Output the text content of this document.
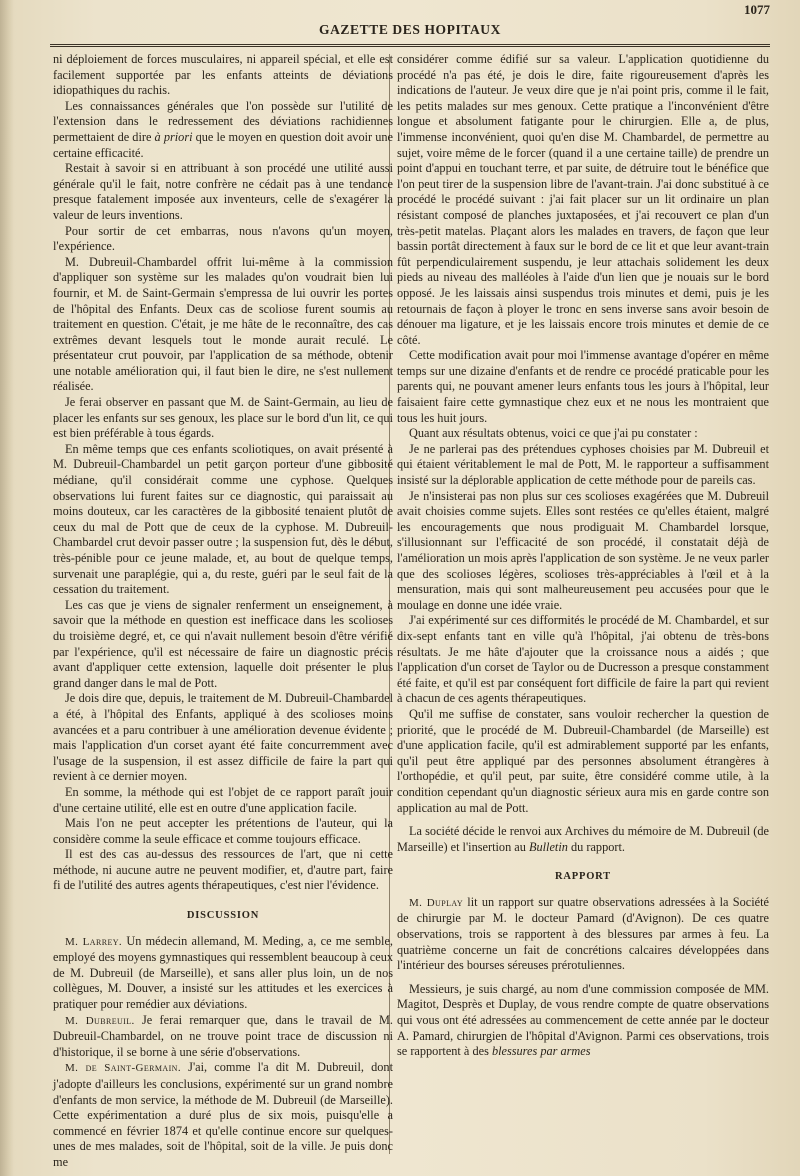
GAZETTE DES HOPITAUX
1077

ni déploiement de forces musculaires, ni appareil spécial, et elle est facilement supportée par les enfants atteints de déviations idiopathiques du rachis.

Les connaissances générales que l'on possède sur l'utilité de l'extension dans le redressement des déviations rachidiennes permettaient de dire à priori que le moyen en question doit avoir une certaine efficacité.

Restait à savoir si en attribuant à son procédé une utilité aussi générale qu'il le fait, notre confrère ne cédait pas à une tendance presque fatalement imposée aux inventeurs, celle de s'exagérer la valeur de leurs inventions.

Pour sortir de cet embarras, nous n'avons qu'un moyen, l'expérience.

M. Dubreuil-Chambardel offrit lui-même à la commission d'appliquer son système sur les malades qu'on voudrait bien lui fournir, et M. de Saint-Germain s'empressa de lui ouvrir les portes de l'hôpital des Enfants. Deux cas de scoliose furent soumis au traitement en question. C'était, je me hâte de le reconnaître, des cas extrêmes devant lesquels tout le monde aurait reculé. Le présentateur crut pouvoir, par l'application de sa méthode, obtenir une notable amélioration qui, il faut bien le dire, ne s'est nullement réalisée.

Je ferai observer en passant que M. de Saint-Germain, au lieu de placer les enfants sur ses genoux, les place sur le bord d'un lit, ce qui est bien préférable à tous égards.

En même temps que ces enfants scoliotiques, on avait présenté à M. Dubreuil-Chambardel un petit garçon porteur d'une gibbosité médiane, qu'il considérait comme une cyphose. Quelques observations lui furent faites sur ce diagnostic, qui paraissait au moins douteux, car les caractères de la gibbosité tenaient plutôt de ceux du mal de Pott que de ceux de la cyphose. M. Dubreuil-Chambardel crut devoir passer outre ; la suspension fut, dès le début, très-pénible pour ce jeune malade, et, au bout de quelque temps, survenait une paraplégie, qui a, du reste, guéri par le seul fait de la cessation du traitement.

Les cas que je viens de signaler renferment un enseignement, à savoir que la méthode en question est inefficace dans les scolioses du troisième degré, et, ce qui n'avait nullement besoin d'être vérifié par l'expérience, qu'il est nécessaire de faire un diagnostic précis avant d'appliquer cette extension, laquelle doit présenter le plus grand danger dans le mal de Pott.

Je dois dire que, depuis, le traitement de M. Dubreuil-Chambardel a été, à l'hôpital des Enfants, appliqué à des scolioses moins avancées et a paru contribuer à une amélioration devenue évidente ; mais l'application d'un corset ayant été faite concurremment avec l'usage de la suspension, il est assez difficile de faire la part qui revient à ce dernier moyen.

En somme, la méthode qui est l'objet de ce rapport paraît jouir d'une certaine utilité, elle est en outre d'une application facile.

Mais l'on ne peut accepter les prétentions de l'auteur, qui la considère comme la seule efficace et comme toujours efficace.

Il est des cas au-dessus des ressources de l'art, que ni cette méthode, ni aucune autre ne peuvent modifier, et, d'autre part, faire fi de l'utilité des autres agents thérapeutiques, c'est nier l'évidence.

DISCUSSION

M. Larrey. Un médecin allemand, M. Meding, a, ce me semble, employé des moyens gymnastiques qui ressemblent beaucoup à ceux de M. Dubreuil (de Marseille), et sans aller plus loin, un de nos collègues, M. Douver, a insisté sur les attitudes et les exercices à pratiquer pour remédier aux déviations.

M. Dubreuil. Je ferai remarquer que, dans le travail de M. Dubreuil-Chambardel, on ne trouve point trace de discussion ni d'historique, il se borne à une série d'observations.

M. de Saint-Germain. J'ai, comme l'a dit M. Dubreuil, dont j'adopte d'ailleurs les conclusions, expérimenté sur un grand nombre d'enfants de mon service, la méthode de M. Dubreuil (de Marseille). Cette expérimentation a duré plus de six mois, puisqu'elle a commencé en février 1874 et qu'elle continue encore sur quelques-unes de mes malades, soit de l'hôpital, soit de la ville. Je puis donc me

considérer comme édifié sur sa valeur. L'application quotidienne du procédé n'a pas été, je dois le dire, faite rigoureusement d'après les indications de l'auteur. Je veux dire que je n'ai point pris, comme il le fait, les petits malades sur mes genoux. Cette pratique a l'inconvénient d'être longue et absolument fatigante pour le chirurgien. Elle a, de plus, l'immense inconvénient, quoi qu'en dise M. Chambardel, de permettre au sujet, voire même de le forcer (quand il a une certaine taille) de prendre un point d'appui en touchant terre, et par suite, de détruire tout le bénéfice que l'on peut tirer de la suspension libre de l'avant-train. J'ai donc substitué à ce procédé le procédé suivant : j'ai fait placer sur un lit ordinaire un plan résistant composé de planches juxtaposées, et j'ai recouvert ce plan d'un très-petit matelas. Plaçant alors les malades en travers, de façon que leur bassin portât directement à faux sur le bord de ce lit et que leur avant-train fût perpendiculairement suspendu, je leur attachais solidement les deux pieds au niveau des malléoles à l'aide d'un lien que je nouais sur le bord opposé. Je les laissais ainsi suspendus trois minutes et demi, puis je les retournais de façon à ployer le tronc en sens inverse sans avoir besoin de dénouer ma ligature, et je les laissais encore trois minutes et demie de ce côté.

Cette modification avait pour moi l'immense avantage d'opérer en même temps sur une dizaine d'enfants et de rendre ce procédé praticable pour les parents qui, ne pouvant amener leurs enfants tous les jours à l'hôpital, leur faisaient faire cette gymnastique chez eux et ne nous les montraient que tous les huit jours.

Quant aux résultats obtenus, voici ce que j'ai pu constater :

Je ne parlerai pas des prétendues cyphoses choisies par M. Dubreuil et qui étaient véritablement le mal de Pott, M. le rapporteur a suffisamment insisté sur la déplorable application de cette méthode pour de pareils cas.

Je n'insisterai pas non plus sur ces scolioses exagérées que M. Dubreuil avait choisies comme sujets. Elles sont restées ce qu'elles étaient, malgré les encouragements que nous prodiguait M. Chambardel lorsque, s'illusionnant sur l'efficacité de son procédé, il constatait déjà de l'amélioration un mois après l'application de son système. Je ne veux parler que des scolioses légères, scolioses très-appréciables à l'œil et à la mensuration, mais qui sont malheureusement peu accusées pour que le moulage en donne une idée vraie.

J'ai expérimenté sur ces difformités le procédé de M. Chambardel, et sur dix-sept enfants tant en ville qu'à l'hôpital, j'ai obtenu de très-bons résultats. Je me hâte d'ajouter que la croissance nous a aidés ; que l'application d'un corset de Taylor ou de Ducresson a presque constamment été faite, et qu'il est par conséquent fort difficile de faire la part qui revient à chacun de ces agents thérapeutiques.

Qu'il me suffise de constater, sans vouloir rechercher la question de priorité, que le procédé de M. Dubreuil-Chambardel (de Marseille) est d'une application facile, qu'il est admirablement supporté par les enfants, qu'il peut être appliqué par des personnes absolument étrangères à l'orthopédie, et qu'il peut, par suite, être considéré comme utile, à la condition cependant qu'un diagnostic sérieux aura mis en garde contre son application au mal de Pott.

La société décide le renvoi aux Archives du mémoire de M. Dubreuil (de Marseille) et l'insertion au Bulletin du rapport.

RAPPORT

M. Duplay lit un rapport sur quatre observations adressées à la Société de chirurgie par M. le docteur Pamard (d'Avignon). De ces quatre observations, trois se rapportent à des blessures par armes à feu. La quatrième concerne un fait de concrétions calcaires développées dans l'intérieur des bourses séreuses prérotuliennes.

Messieurs, je suis chargé, au nom d'une commission composée de MM. Magitot, Desprès et Duplay, de vous rendre compte de quatre observations qui vous ont été adressées au commencement de cette année par le docteur A. Pamard, chirurgien de l'hôpital d'Avignon. Parmi ces observations, trois se rapportent à des blessures par armes
